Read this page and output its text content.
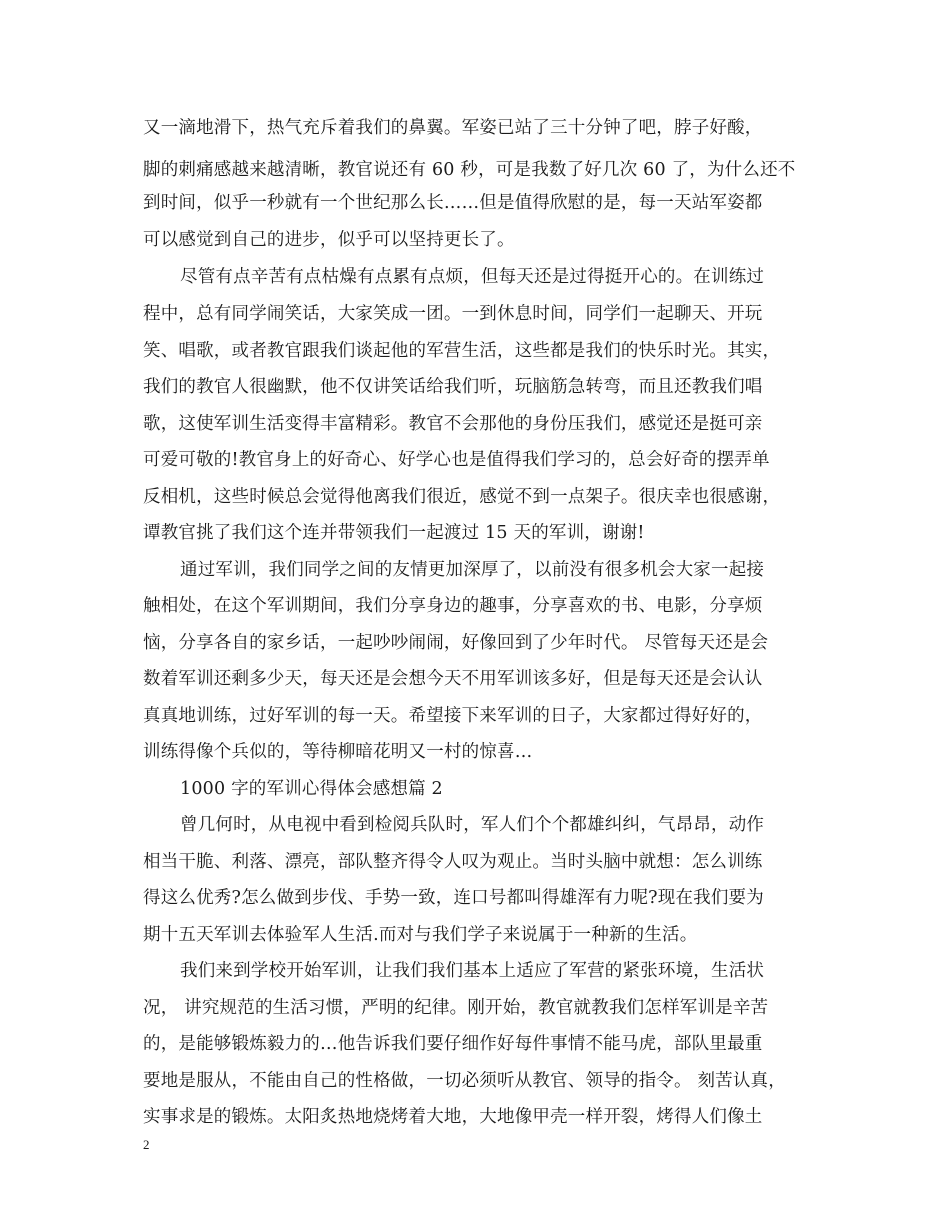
又一滴地滑下，热气充斥着我们的鼻翼。军姿已站了三十分钟了吧，脖子好酸，
脚的刺痛感越来越清晰，教官说还有 60 秒，可是我数了好几次 60 了，为什么还不
到时间，似乎一秒就有一个世纪那么长……但是值得欣慰的是，每一天站军姿都
可以感觉到自己的进步，似乎可以坚持更长了。
尽管有点辛苦有点枯燥有点累有点烦，但每天还是过得挺开心的。在训练过
程中，总有同学闹笑话，大家笑成一团。一到休息时间，同学们一起聊天、开玩
笑、唱歌，或者教官跟我们谈起他的军营生活，这些都是我们的快乐时光。其实，
我们的教官人很幽默，他不仅讲笑话给我们听，玩脑筋急转弯，而且还教我们唱
歌，这使军训生活变得丰富精彩。教官不会那他的身份压我们，感觉还是挺可亲
可爱可敬的!教官身上的好奇心、好学心也是值得我们学习的，总会好奇的摆弄单
反相机，这些时候总会觉得他离我们很近，感觉不到一点架子。很庆幸也很感谢，
谭教官挑了我们这个连并带领我们一起渡过 15 天的军训，谢谢!
通过军训，我们同学之间的友情更加深厚了，以前没有很多机会大家一起接
触相处，在这个军训期间，我们分享身边的趣事，分享喜欢的书、电影，分享烦
恼，分享各自的家乡话，一起吵吵闹闹，好像回到了少年时代。 尽管每天还是会
数着军训还剩多少天，每天还是会想今天不用军训该多好，但是每天还是会认认
真真地训练，过好军训的每一天。希望接下来军训的日子，大家都过得好好的，
训练得像个兵似的，等待柳暗花明又一村的惊喜…
1000 字的军训心得体会感想篇 2
曾几何时，从电视中看到检阅兵队时，军人们个个都雄纠纠，气昂昂，动作
相当干脆、利落、漂亮，部队整齐得令人叹为观止。当时头脑中就想：怎么训练
得这么优秀?怎么做到步伐、手势一致，连口号都叫得雄浑有力呢?现在我们要为
期十五天军训去体验军人生活.而对与我们学子来说属于一种新的生活。
我们来到学校开始军训，让我们我们基本上适应了军营的紧张环境，生活状
况， 讲究规范的生活习惯，严明的纪律。刚开始，教官就教我们怎样军训是辛苦
的，是能够锻炼毅力的…他告诉我们要仔细作好每件事情不能马虎，部队里最重
要地是服从，不能由自己的性格做，一切必须听从教官、领导的指令。 刻苦认真，
实事求是的锻炼。太阳炙热地烧烤着大地，大地像甲壳一样开裂，烤得人们像土
2
